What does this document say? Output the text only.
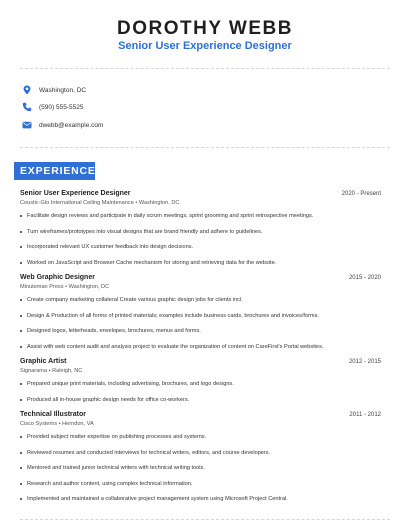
DOROTHY WEBB
Senior User Experience Designer
Washington, DC
(590) 555-5525
dwebb@example.com
EXPERIENCE
Senior User Experience Designer	2020 - Present
Coustic-Glo International Ceiling Maintenance • Washington, DC
Facilitate design reviews and participate in daily scrum meetings, sprint grooming and sprint retrospective meetings.
Turn wireframes/prototypes into visual designs that are brand friendly and adhere to guidelines.
Incorporated relevant UX customer feedback into design decisions.
Worked on JavaScript and Browser Cache mechanism for storing and retrieving data for the website.
Web Graphic Designer	2015 - 2020
Minuteman Press • Washington, DC
Create company marketing collateral Create various graphic design jobs for clients incl.
Design & Production of all forms of printed materials; examples include business cards, brochures and invoices/forms.
Designed logos, letterheads, envelopes, brochures, menus and forms.
Assist with web content audit and analysis project to evaluate the organization of content on CareFirst's Portal websites.
Graphic Artist	2012 - 2015
Signarama • Raleigh, NC
Prepared unique print materials, including advertising, brochures, and logo designs.
Produced all in-house graphic design needs for office co-workers.
Technical Illustrator	2011 - 2012
Cisco Systems • Herndon, VA
Provided subject matter expertise on publishing processes and systems.
Reviewed resumes and conducted interviews for technical writers, editors, and course developers.
Mentored and trained junior technical writers with technical writing tools.
Research and author content, using complex technical information.
Implemented and maintained a collaborative project management system using Microsoft Project Central.
